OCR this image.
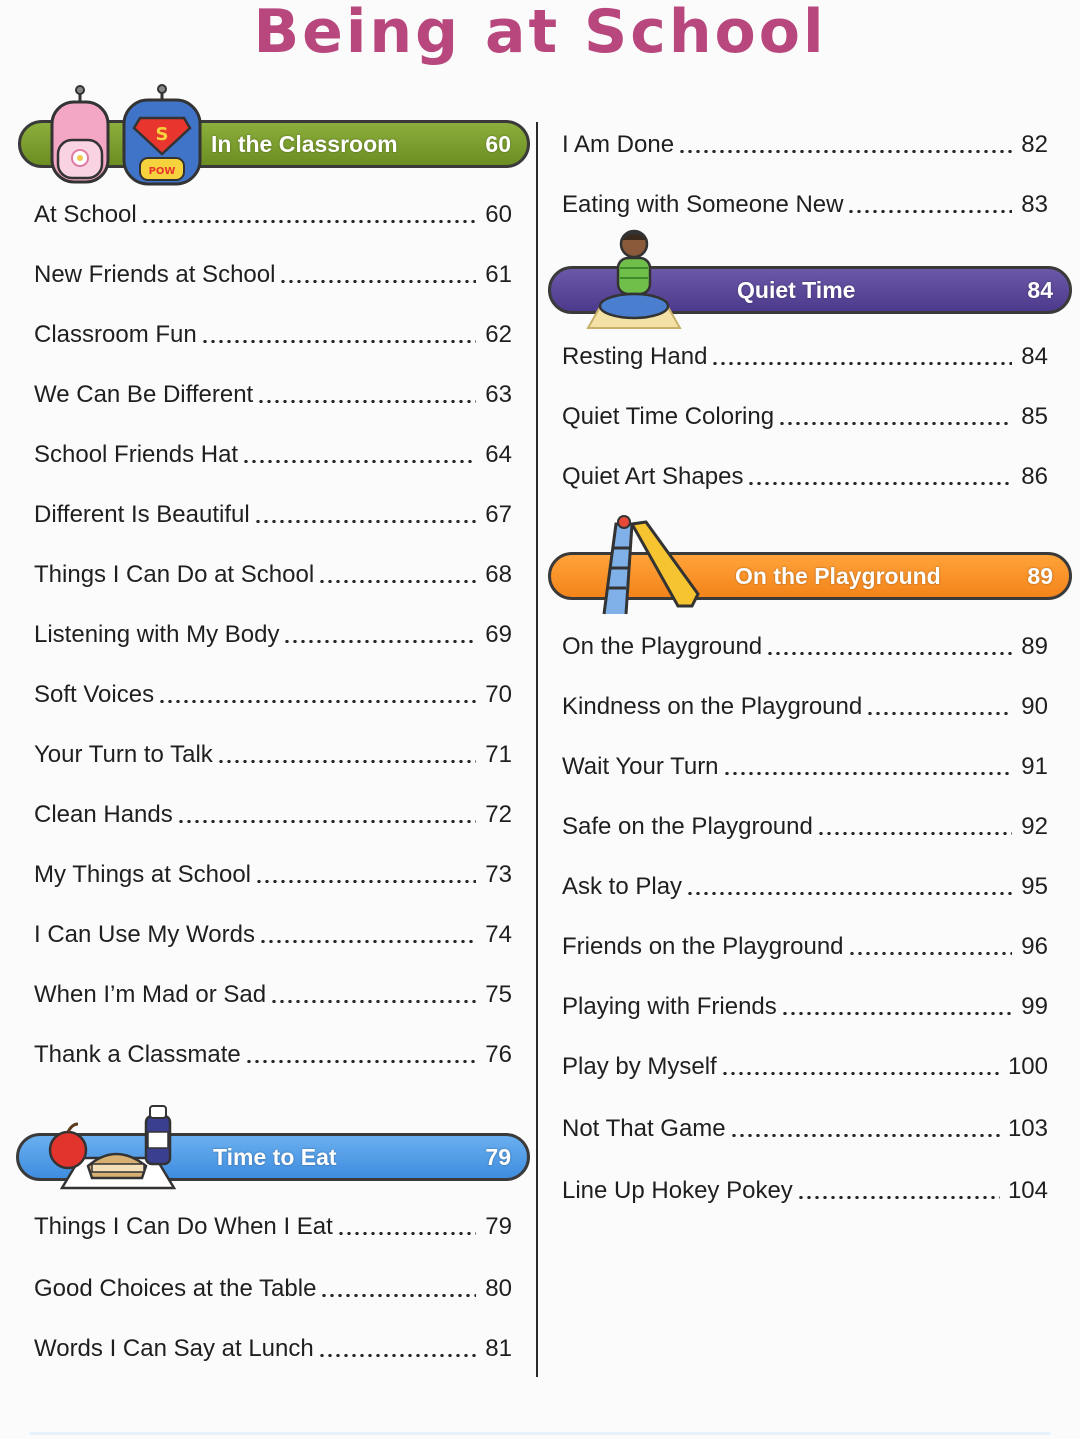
Being at School
In the Classroom	60
S
POW
Quiet Time	84
On the Playground	89
Time to Eat	79
At School	60
New Friends at School	61
Classroom Fun	62
We Can Be Different	63
School Friends Hat	64
Different Is Beautiful	67
Things I Can Do at School	68
Listening with My Body	69
Soft Voices	70
Your Turn to Talk	71
Clean Hands	72
My Things at School	73
I Can Use My Words	74
When I’m Mad or Sad	75
Thank a Classmate	76
Things I Can Do When I Eat	79
Good Choices at the Table	80
Words I Can Say at Lunch	81
I Am Done	82
Eating with Someone New	83
Resting Hand	84
Quiet Time Coloring	85
Quiet Art Shapes	86
On the Playground	89
Kindness on the Playground	90
Wait Your Turn	91
Safe on the Playground	92
Ask to Play	95
Friends on the Playground	96
Playing with Friends	99
Play by Myself	100
Not That Game	103
Line Up Hokey Pokey	104
